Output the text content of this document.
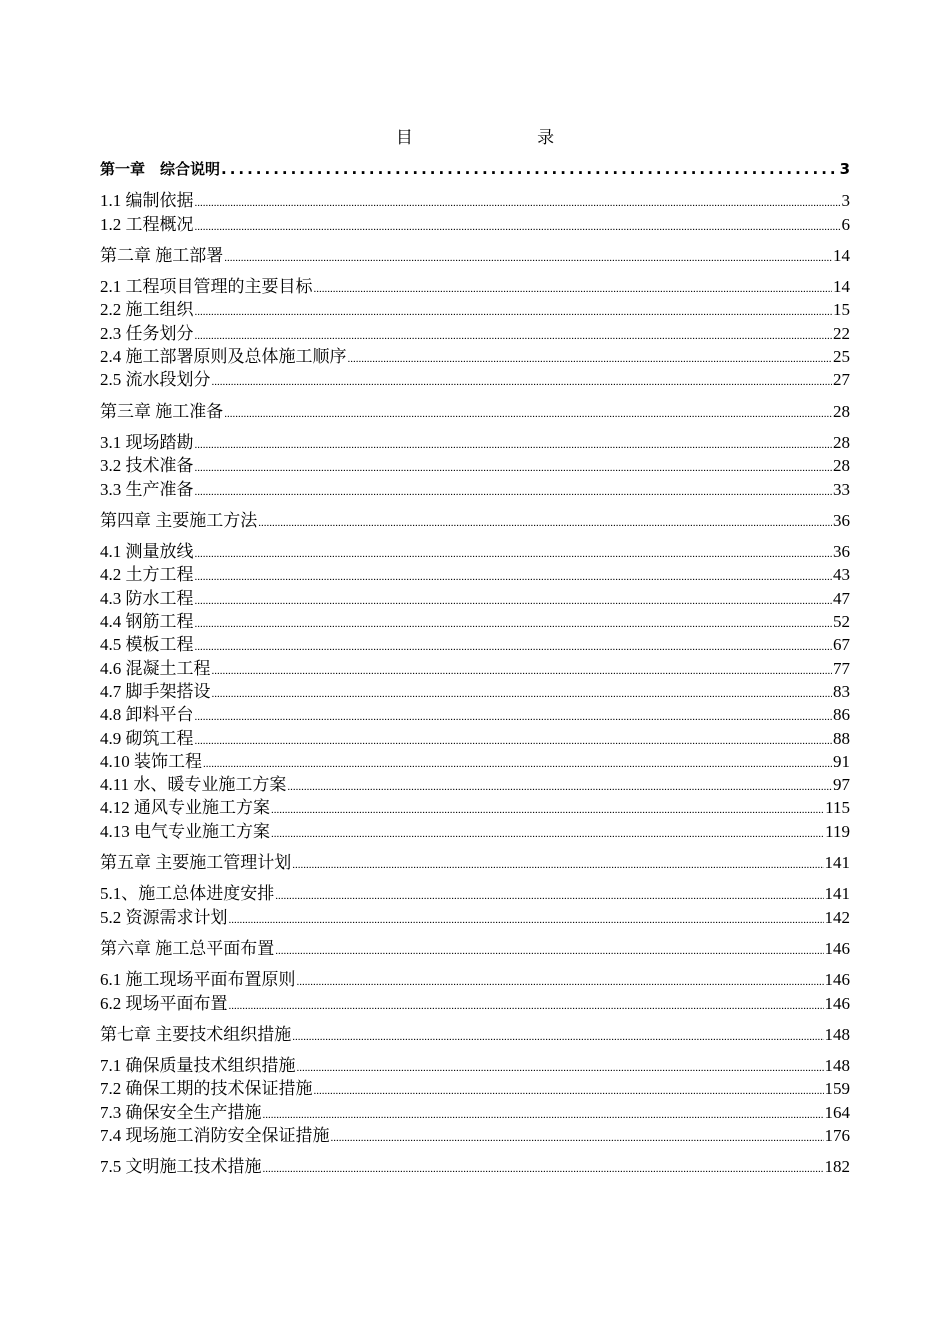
目 录
第一章　综合说明 .....	3
1.1 编制依据 .....	3
1.2 工程概况 .....	6
第二章 施工部署 .....	14
2.1 工程项目管理的主要目标 .....	14
2.2 施工组织 .....	15
2.3 任务划分 .....	22
2.4 施工部署原则及总体施工顺序 .....	25
2.5 流水段划分 .....	27
第三章 施工准备 .....	28
3.1 现场踏勘 .....	28
3.2 技术准备 .....	28
3.3 生产准备 .....	33
第四章 主要施工方法 .....	36
4.1 测量放线 .....	36
4.2 土方工程 .....	43
4.3 防水工程 .....	47
4.4 钢筋工程 .....	52
4.5 模板工程 .....	67
4.6 混凝土工程 .....	77
4.7 脚手架搭设 .....	83
4.8 卸料平台 .....	86
4.9 砌筑工程 .....	88
4.10 装饰工程 .....	91
4.11 水、暖专业施工方案 .....	97
4.12 通风专业施工方案 .....	115
4.13 电气专业施工方案 .....	119
第五章 主要施工管理计划 .....	141
5.1、施工总体进度安排 .....	141
5.2 资源需求计划 .....	142
第六章 施工总平面布置 .....	146
6.1 施工现场平面布置原则 .....	146
6.2 现场平面布置 .....	146
第七章 主要技术组织措施 .....	148
7.1 确保质量技术组织措施 .....	148
7.2 确保工期的技术保证措施 .....	159
7.3 确保安全生产措施 .....	164
7.4 现场施工消防安全保证措施 .....	176
7.5 文明施工技术措施 .....	182
